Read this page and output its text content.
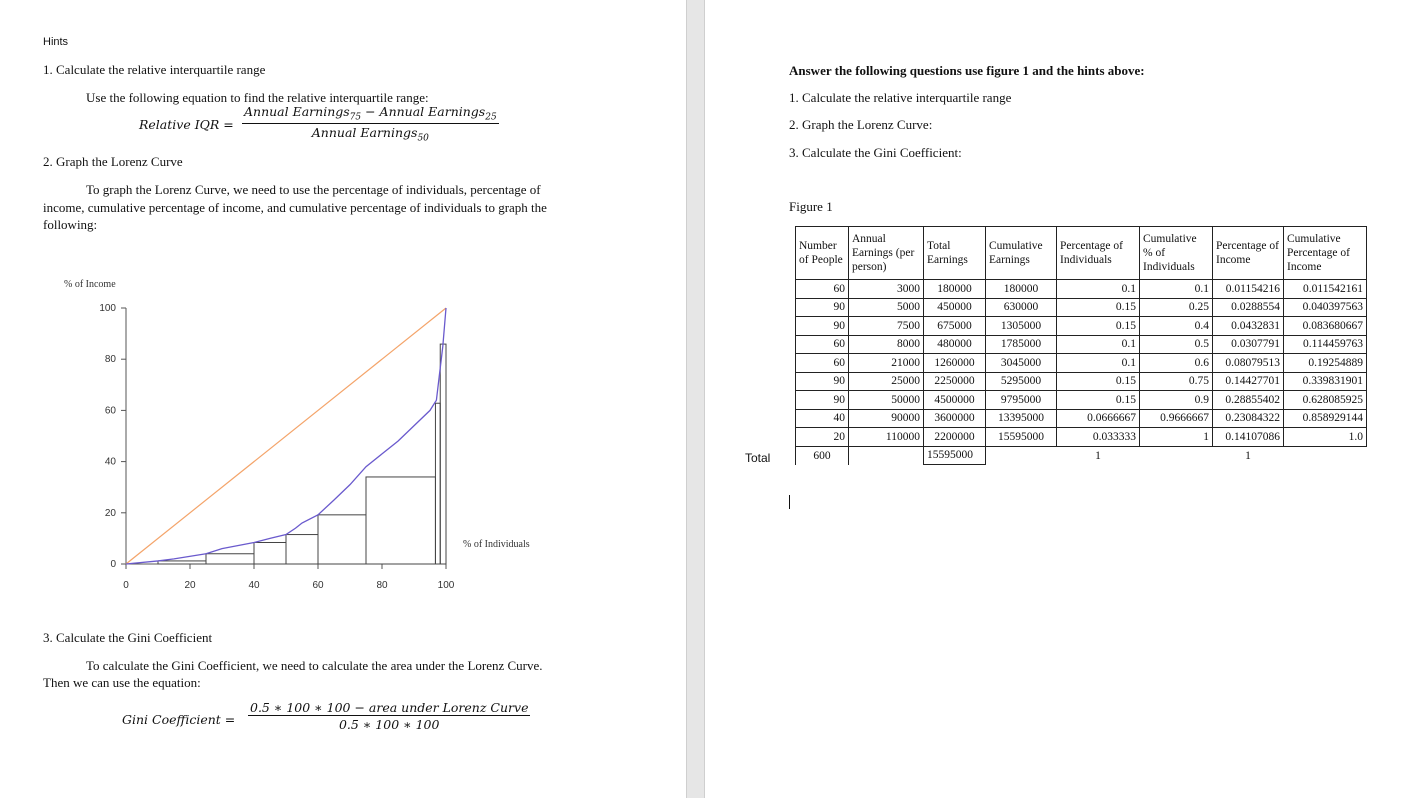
Hints
1. Calculate the relative interquartile range
Use the following equation to find the relative interquartile range:
Relative IQR =
Annual Earnings$_{75}$ − Annual Earnings$_{25}$
Annual Earnings$_{50}$
2. Graph the Lorenz Curve
To graph the Lorenz Curve, we need to use the percentage of individuals, percentage of
income, cumulative percentage of income, and cumulative percentage of individuals to graph the
following:
% of Income
% of Individuals
0
20
40
60
80
100
0	20	40	60	80	100
3. Calculate the Gini Coefficient
To calculate the Gini Coefficient, we need to calculate the area under the Lorenz Curve.
Then we can use the equation:
Gini Coefficient =
0.5 ∗ 100 ∗ 100 − area under Lorenz Curve
0.5 ∗ 100 ∗ 100
Answer the following questions use figure 1 and the hints above:
1. Calculate the relative interquartile range
2. Graph the Lorenz Curve:
3. Calculate the Gini Coefficient:
Figure 1
Number of People	Annual Earnings (per person)	Total Earnings	Cumulative Earnings	Percentage of Individuals	Cumulative % of Individuals	Percentage of Income	Cumulative Percentage of Income
60	3000	180000	180000	0.1	0.1	0.01154216	0.011542161
90	5000	450000	630000	0.15	0.25	0.0288554	0.040397563
90	7500	675000	1305000	0.15	0.4	0.0432831	0.083680667
60	8000	480000	1785000	0.1	0.5	0.0307791	0.114459763
60	21000	1260000	3045000	0.1	0.6	0.08079513	0.19254889
90	25000	2250000	5295000	0.15	0.75	0.14427701	0.339831901
90	50000	4500000	9795000	0.15	0.9	0.28855402	0.628085925
40	90000	3600000	13395000	0.0666667	0.9666667	0.23084322	0.858929144
20	110000	2200000	15595000	0.033333	1	0.14107086	1.0
600		15595000		1		1	
Total
